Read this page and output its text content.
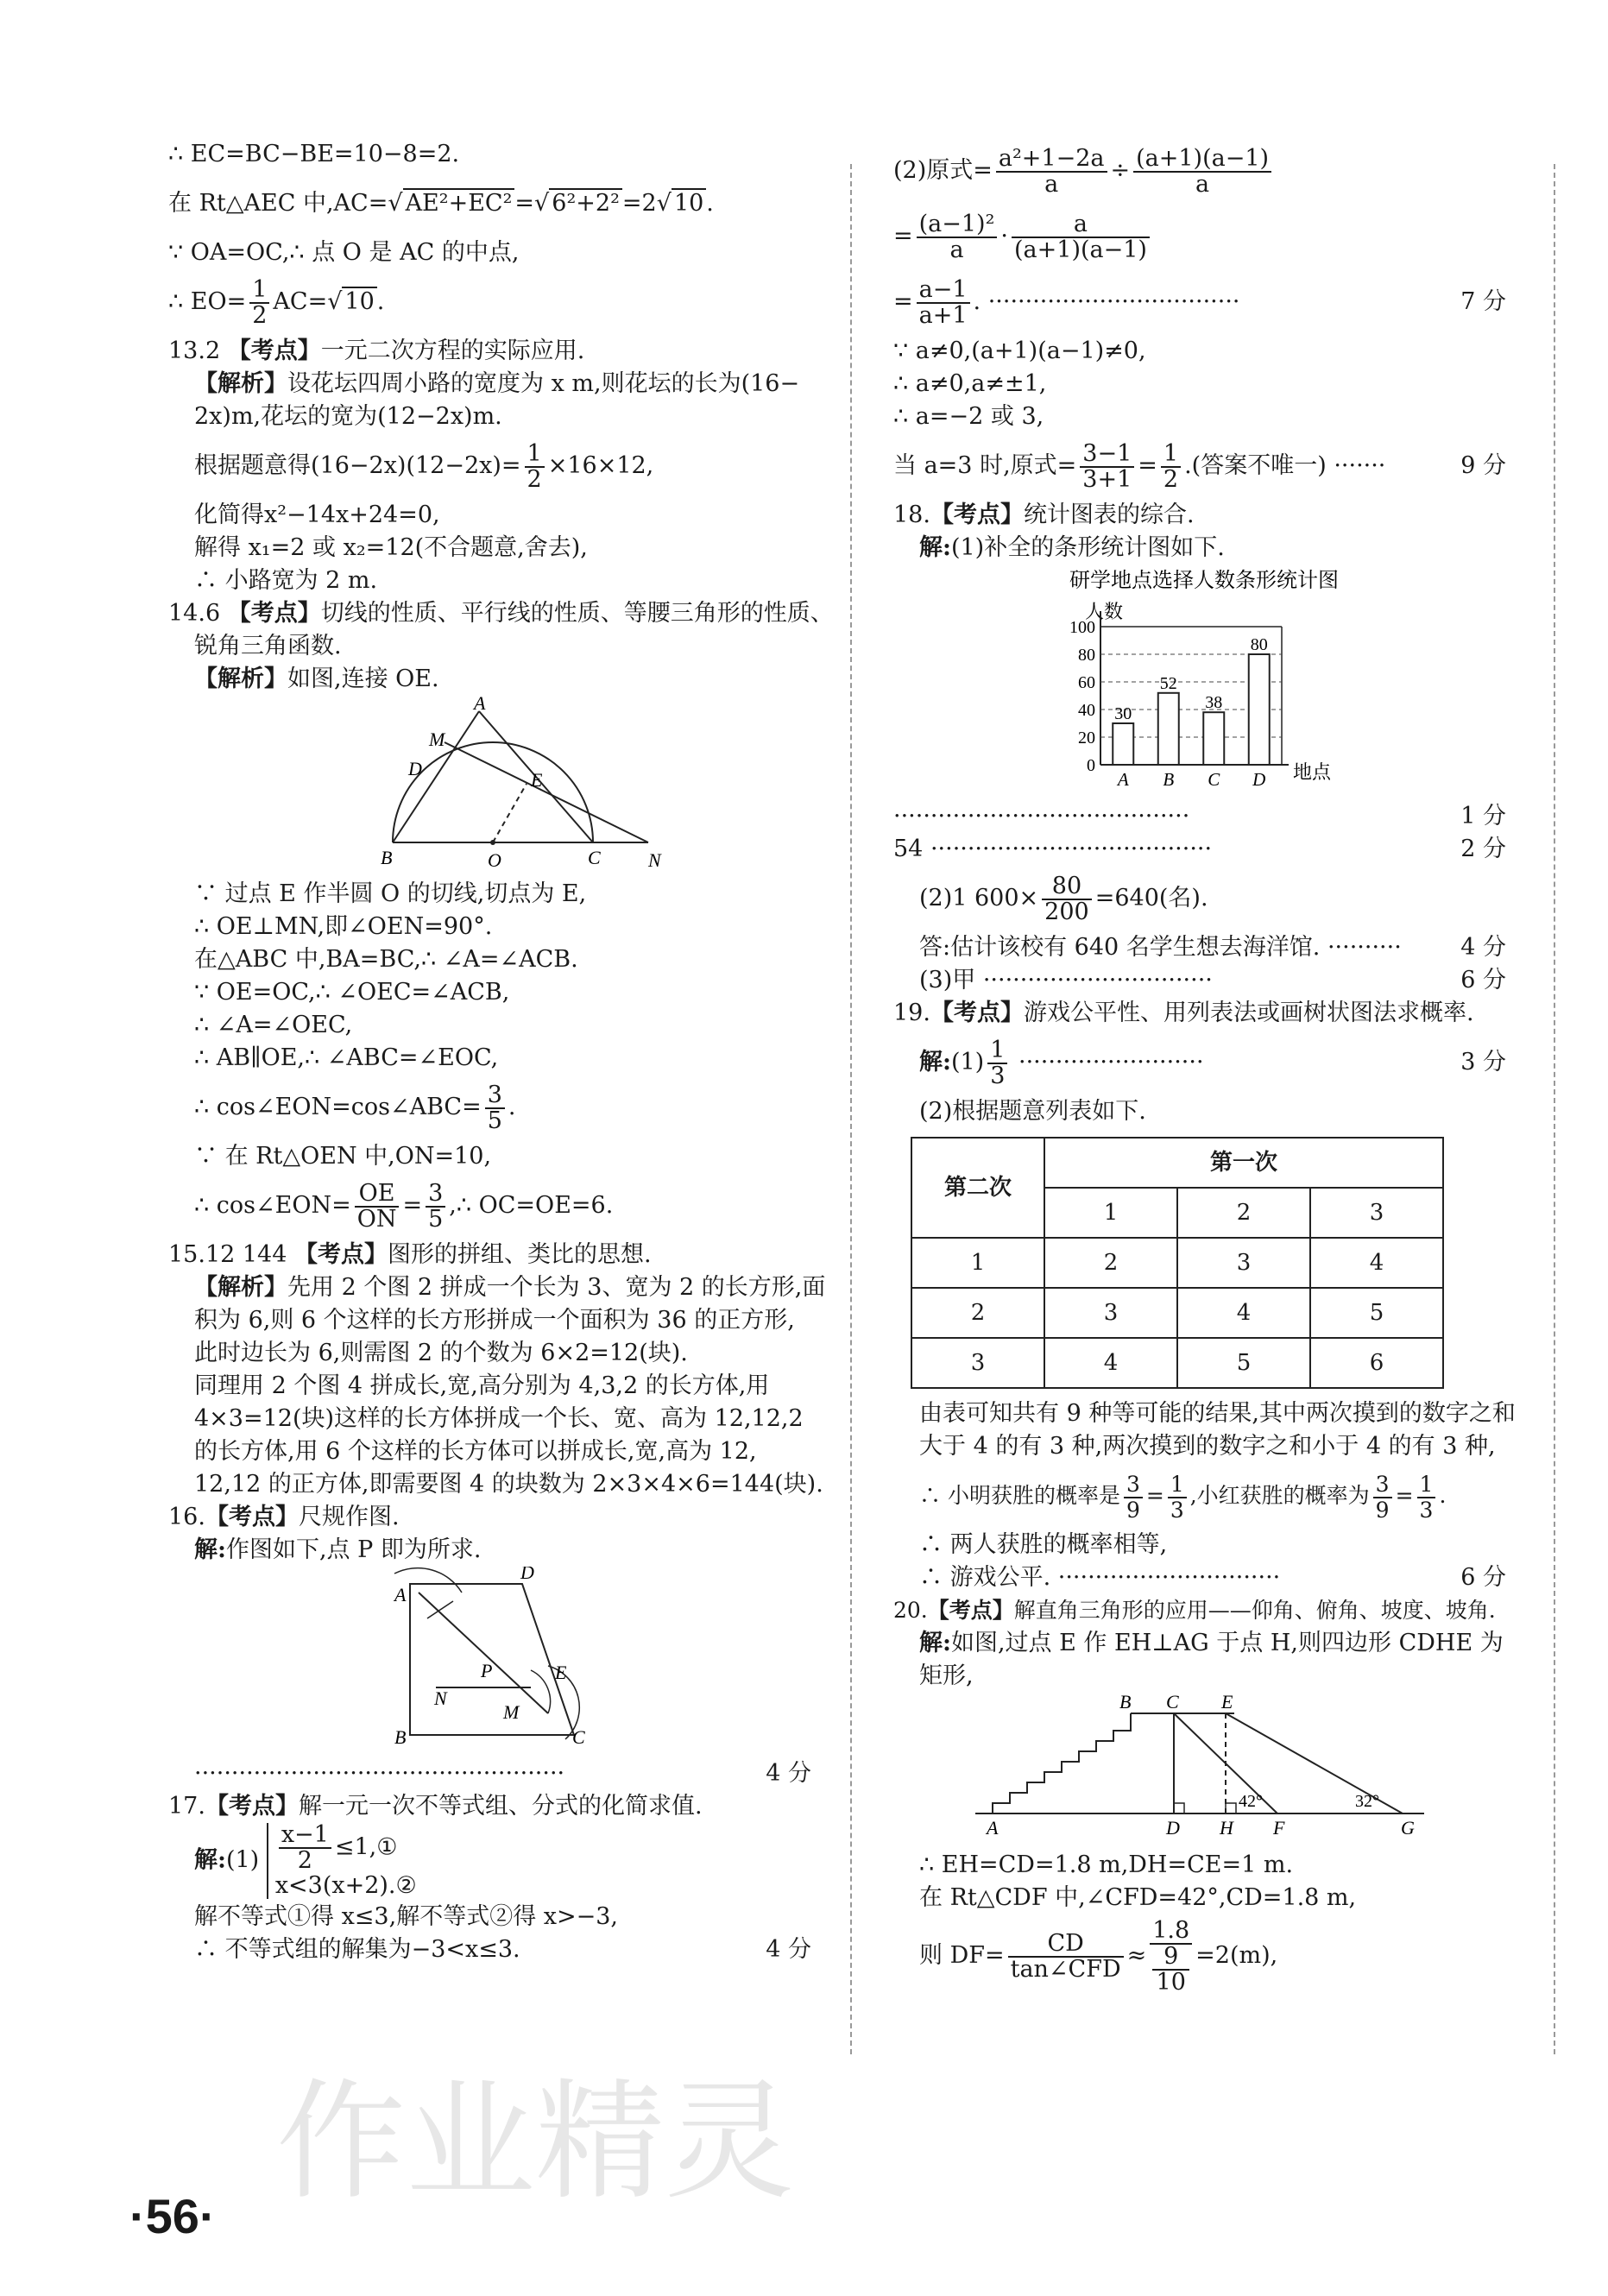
∴ EC=BC−BE=10−8=2.
在 Rt△AEC 中,AC=√ AE²+EC² =√ 6²+2² =2√ 10 .
∵ OA=OC,∴ 点 O 是 AC 的中点,
∴ $EO= \frac{1}{2} AC=√$ 10 .
13.2 【考点】一元二次方程的实际应用.
【解析】设花坛四周小路的宽度为 x m,则花坛的长为(16−
2x)m,花坛的宽为(12−2x)m.
根据题意得$(16-2x)(12-2x)= \frac{1}{2} \times 16\times 12$,
化简得x²−14x+24=0,
解得 x₁=2 或 x₂=12(不合题意,舍去),
∴ 小路宽为 2 m.
14.6 【考点】切线的性质、平行线的性质、等腰三角形的性质、
锐角三角函数.
【解析】如图,连接 OE.
A
M
D
E
B	O	C	N
∵ 过点 E 作半圆 O 的切线,切点为 E,
∴ OE⊥MN,即∠OEN=90°.
在△ABC 中,BA=BC,∴ ∠A=∠ACB.
∵ OE=OC,∴ ∠OEC=∠ACB,
∴ ∠A=∠OEC,
∴ AB∥OE,∴ ∠ABC=∠EOC,
∴ cos∠EON=cos∠ABC= $\frac{3}{5}$ .
∵ 在 Rt△OEN 中,ON=10,
∴ cos∠EON= $\frac{OE}{ON} = \frac{3}{5}$ ,∴ OC=OE=6.
15.12 144 【考点】图形的拼组、类比的思想.
【解析】先用 2 个图 2 拼成一个长为 3、宽为 2 的长方形,面
积为 6,则 6 个这样的长方形拼成一个面积为 36 的正方形,
此时边长为 6,则需图 2 的个数为 6×2=12(块).
同理用 2 个图 4 拼成长,宽,高分别为 4,3,2 的长方体,用
4×3=12(块)这样的长方体拼成一个长、宽、高为 12,12,2
的长方体,用 6 个这样的长方体可以拼成长,宽,高为 12,
12,12 的正方体,即需要图 4 的块数为 2×3×4×6=144(块).
16.【考点】尺规作图.
解:作图如下,点 P 即为所求.
A
D
P	E
N
M
B	C
··················································	4 分
17.【考点】解一元一次不等式组、分式的化简求值.
解:(1) $\frac{x-1}{2}$ ≤1,①
x<3(x+2).②
解不等式①得 x≤3,解不等式②得 x>−3,
∴ 不等式组的解集为−3<x≤3.	4 分
(2)原式= $\frac{\text{a²+1−2a}}{a} \div \frac{(a+1)(a-1)}{a}$
= $\frac{\text{(a−1)²}}{a} \cdot \frac{a}{(a+1)(a-1)}$
= $\frac{a-1}{a+1}$ . ··································	7 分
∵ a≠0,(a+1)(a−1)≠0,
∴ a≠0,a≠±1,
∴ a=−2 或 3,
当 a=3 时,原式= $\frac{3-1}{3+1} = \frac{1}{2}$ .(答案不唯一) ·······	9 分
18.【考点】统计图表的综合.
解:(1)补全的条形统计图如下.
研学地点选择人数条形统计图
人数
地点
0
20
40
60
80
100
30
A
52
B
38
C
80
D
········································	1 分
54 ······································	2 分
(2)1 $600\times \frac{80}{200} =640$(名).
答:估计该校有 640 名学生想去海洋馆. ··········	4 分
(3)甲 ·······························	6 分
19.【考点】游戏公平性、用列表法或画树状图法求概率.
解:(1) $\frac{1}{3}$ ·························	3 分
(2)根据题意列表如下.
第二次	第一次		
	1	2	3
1	2	3	4
2	3	4	5
3	4	5	6
由表可知共有 9 种等可能的结果,其中两次摸到的数字之和
大于 4 的有 3 种,两次摸到的数字之和小于 4 的有 3 种,
∴ 小明获胜的概率是 $\frac{3}{9} = \frac{1}{3}$ ,小红获胜的概率为 $\frac{3}{9} = \frac{1}{3}$ .
∴ 两人获胜的概率相等,
∴ 游戏公平. ······························	6 分
20.【考点】解直角三角形的应用——仰角、俯角、坡度、坡角.
解:如图,过点 E 作 EH⊥AG 于点 H,则四边形 CDHE 为
矩形,
B C E
A	D H F	G
42°	32°
∴ EH=CD=1.8 m,DH=CE=1 m.
在 Rt△CDF 中,∠CFD=42°,CD=1.8 m,
则 DF=	CD
tan∠CFD ≈ 1.8
9
10 =2(m),
作业精灵
·56·
